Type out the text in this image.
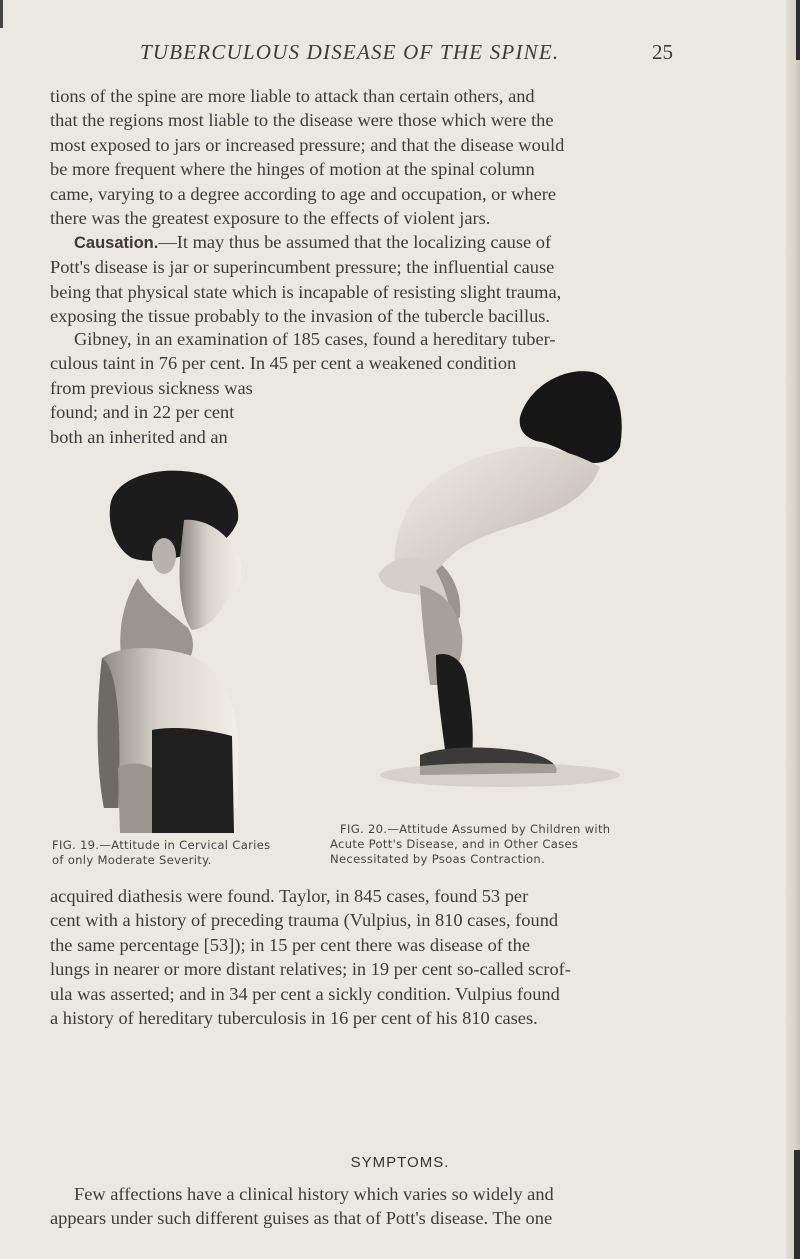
TUBERCULOUS DISEASE OF THE SPINE.	25
tions of the spine are more liable to attack than certain others, and
that the regions most liable to the disease were those which were the
most exposed to jars or increased pressure; and that the disease would
be more frequent where the hinges of motion at the spinal column
came, varying to a degree according to age and occupation, or where
there was the greatest exposure to the effects of violent jars.
Causation.—It may thus be assumed that the localizing cause of
Pott's disease is jar or superincumbent pressure; the influential cause
being that physical state which is incapable of resisting slight trauma,
exposing the tissue probably to the invasion of the tubercle bacillus.
Gibney, in an examination of 185 cases, found a hereditary tuber-
culous taint in 76 per cent. In 45 per cent a weakened condition
from previous sickness was
found; and in 22 per cent
both an inherited and an
FIG. 19.—Attitude in Cervical Caries
of only Moderate Severity.
FIG. 20.—Attitude Assumed by Children with
Acute Pott's Disease, and in Other Cases
Necessitated by Psoas Contraction.
acquired diathesis were found. Taylor, in 845 cases, found 53 per
cent with a history of preceding trauma (Vulpius, in 810 cases, found
the same percentage [53]); in 15 per cent there was disease of the
lungs in nearer or more distant relatives; in 19 per cent so-called scrof-
ula was asserted; and in 34 per cent a sickly condition. Vulpius found
a history of hereditary tuberculosis in 16 per cent of his 810 cases.
SYMPTOMS.
Few affections have a clinical history which varies so widely and
appears under such different guises as that of Pott's disease. The one
